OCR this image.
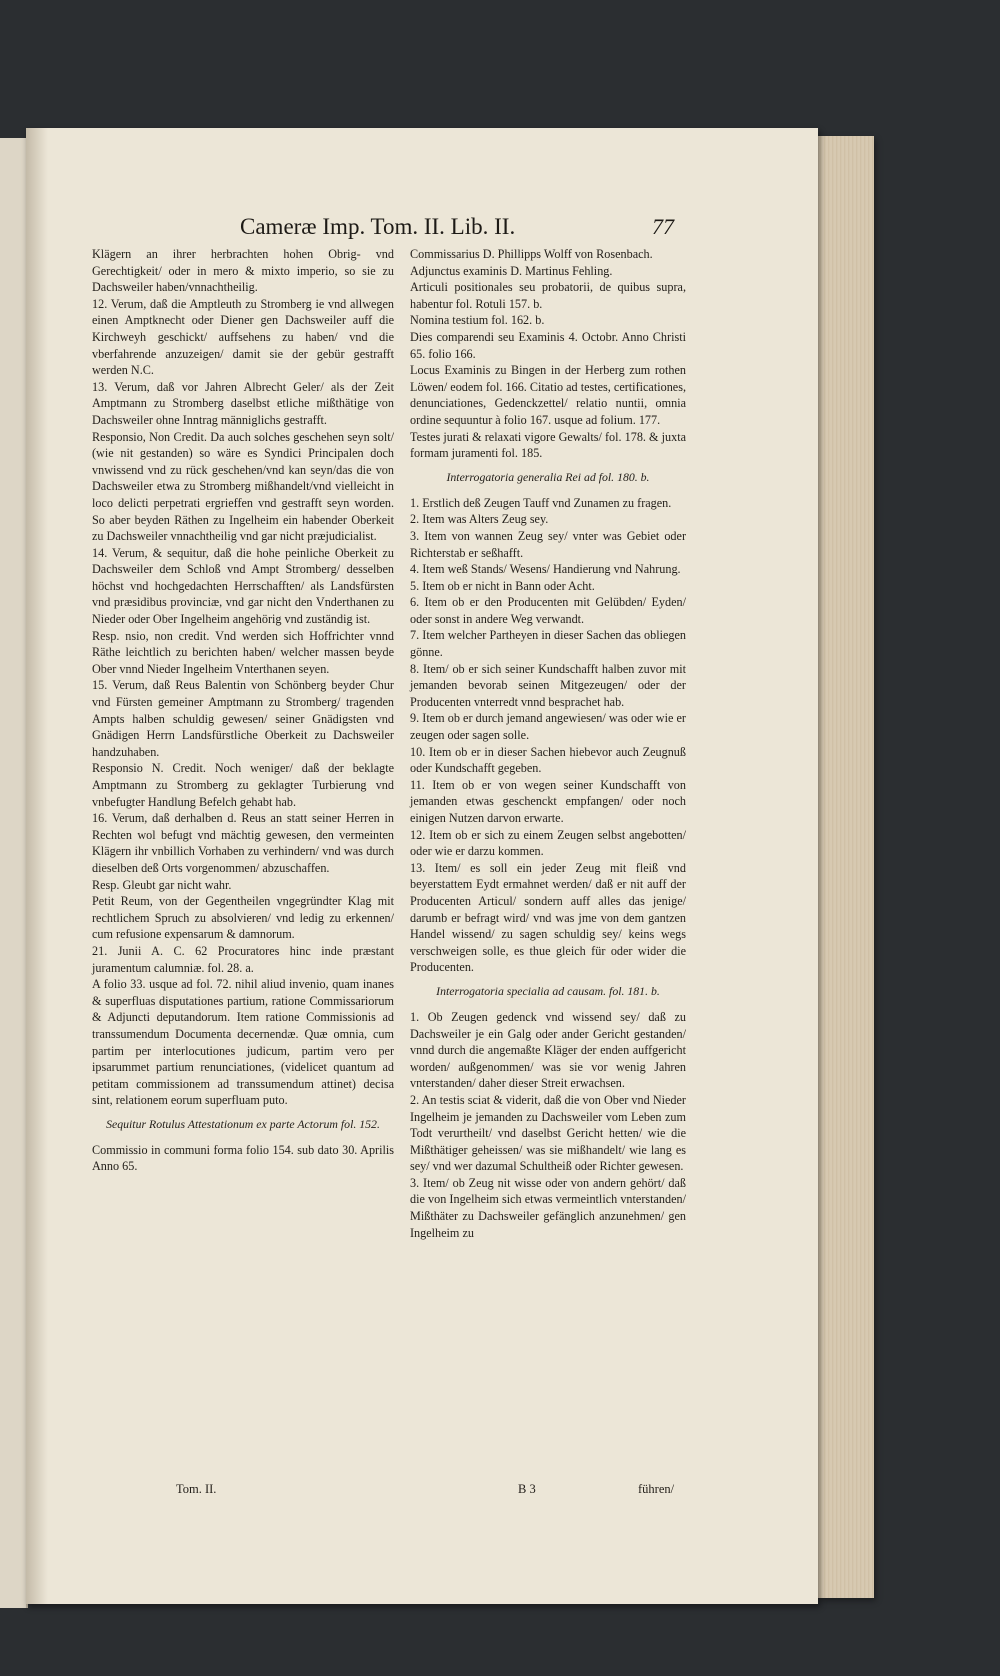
Cameræ Imp. Tom. II. Lib. II.	77

Klägern an ihrer herbrachten hohen Obrig- vnd Gerechtigkeit/ oder in mero & mixto imperio, so sie zu Dachsweiler haben/vnnachtheilig.

12. Verum, daß die Amptleuth zu Stromberg ie vnd allwegen einen Amptknecht oder Diener gen Dachsweiler auff die Kirchweyh geschickt/ auffsehens zu haben/ vnd die vberfahrende anzuzeigen/ damit sie der gebür gestrafft werden N.C.

13. Verum, daß vor Jahren Albrecht Geler/ als der Zeit Amptmann zu Stromberg daselbst etliche mißthätige von Dachsweiler ohne Inntrag männiglichs gestrafft.

Responsio, Non Credit. Da auch solches geschehen seyn solt/ (wie nit gestanden) so wäre es Syndici Principalen doch vnwissend vnd zu rück geschehen/vnd kan seyn/das die von Dachsweiler etwa zu Stromberg mißhandelt/vnd vielleicht in loco delicti perpetrati ergrieffen vnd gestrafft seyn worden. So aber beyden Räthen zu Ingelheim ein habender Oberkeit zu Dachsweiler vnnachtheilig vnd gar nicht præjudicialist.

14. Verum, & sequitur, daß die hohe peinliche Oberkeit zu Dachsweiler dem Schloß vnd Ampt Stromberg/ desselben höchst vnd hochgedachten Herrschafften/ als Landsfürsten vnd præsidibus provinciæ, vnd gar nicht den Vnderthanen zu Nieder oder Ober Ingelheim angehörig vnd zuständig ist.

Resp. nsio, non credit. Vnd werden sich Hoffrichter vnnd Räthe leichtlich zu berichten haben/ welcher massen beyde Ober vnnd Nieder Ingelheim Vnterthanen seyen.

15. Verum, daß Reus Balentin von Schönberg beyder Chur vnd Fürsten gemeiner Amptmann zu Stromberg/ tragenden Ampts halben schuldig gewesen/ seiner Gnädigsten vnd Gnädigen Herrn Landsfürstliche Oberkeit zu Dachsweiler handzuhaben.

Responsio N. Credit. Noch weniger/ daß der beklagte Amptmann zu Stromberg zu geklagter Turbierung vnd vnbefugter Handlung Befelch gehabt hab.

16. Verum, daß derhalben d. Reus an statt seiner Herren in Rechten wol befugt vnd mächtig gewesen, den vermeinten Klägern ihr vnbillich Vorhaben zu verhindern/ vnd was durch dieselben deß Orts vorgenommen/ abzuschaffen.

Resp. Gleubt gar nicht wahr.

Petit Reum, von der Gegentheilen vngegründter Klag mit rechtlichem Spruch zu absolvieren/ vnd ledig zu erkennen/ cum refusione expensarum & damnorum.

21. Junii A. C. 62 Procuratores hinc inde præstant juramentum calumniæ. fol. 28. a.

A folio 33. usque ad fol. 72. nihil aliud invenio, quam inanes & superfluas disputationes partium, ratione Commissariorum & Adjuncti deputandorum. Item ratione Commissionis ad transsumendum Documenta decernendæ. Quæ omnia, cum partim per interlocutiones judicum, partim vero per ipsarummet partium renunciationes, (videlicet quantum ad petitam commissionem ad transsumendum attinet) decisa sint, relationem eorum superfluam puto.

Sequitur Rotulus Attestationum ex parte Actorum fol. 152.

Commissio in communi forma folio 154. sub dato 30. Aprilis Anno 65.

Commissarius D. Phillipps Wolff von Rosenbach.

Adjunctus examinis D. Martinus Fehling.

Articuli positionales seu probatorii, de quibus supra, habentur fol. Rotuli 157. b.

Nomina testium fol. 162. b.

Dies comparendi seu Examinis 4. Octobr. Anno Christi 65. folio 166.

Locus Examinis zu Bingen in der Herberg zum rothen Löwen/ eodem fol. 166. Citatio ad testes, certificationes, denunciationes, Gedenckzettel/ relatio nuntii, omnia ordine sequuntur à folio 167. usque ad folium. 177.

Testes jurati & relaxati vigore Gewalts/ fol. 178. & juxta formam juramenti fol. 185.

Interrogatoria generalia Rei ad fol. 180. b.

1. Erstlich deß Zeugen Tauff vnd Zunamen zu fragen.

2. Item was Alters Zeug sey.

3. Item von wannen Zeug sey/ vnter was Gebiet oder Richterstab er seßhafft.

4. Item weß Stands/ Wesens/ Handierung vnd Nahrung.

5. Item ob er nicht in Bann oder Acht.

6. Item ob er den Producenten mit Gelübden/ Eyden/ oder sonst in andere Weg verwandt.

7. Item welcher Partheyen in dieser Sachen das obliegen gönne.

8. Item/ ob er sich seiner Kundschafft halben zuvor mit jemanden bevorab seinen Mitgezeugen/ oder der Producenten vnterredt vnnd besprachet hab.

9. Item ob er durch jemand angewiesen/ was oder wie er zeugen oder sagen solle.

10. Item ob er in dieser Sachen hiebevor auch Zeugnuß oder Kundschafft gegeben.

11. Item ob er von wegen seiner Kundschafft von jemanden etwas geschenckt empfangen/ oder noch einigen Nutzen darvon erwarte.

12. Item ob er sich zu einem Zeugen selbst angebotten/ oder wie er darzu kommen.

13. Item/ es soll ein jeder Zeug mit fleiß vnd beyerstattem Eydt ermahnet werden/ daß er nit auff der Producenten Articul/ sondern auff alles das jenige/ darumb er befragt wird/ vnd was jme von dem gantzen Handel wissend/ zu sagen schuldig sey/ keins wegs verschweigen solle, es thue gleich für oder wider die Producenten.

Interrogatoria specialia ad causam. fol. 181. b.

1. Ob Zeugen gedenck vnd wissend sey/ daß zu Dachsweiler je ein Galg oder ander Gericht gestanden/ vnnd durch die angemaßte Kläger der enden auffgericht worden/ außgenommen/ was sie vor wenig Jahren vnterstanden/ daher dieser Streit erwachsen.

2. An testis sciat & viderit, daß die von Ober vnd Nieder Ingelheim je jemanden zu Dachsweiler vom Leben zum Todt verurtheilt/ vnd daselbst Gericht hetten/ wie die Mißthätiger geheissen/ was sie mißhandelt/ wie lang es sey/ vnd wer dazumal Schultheiß oder Richter gewesen.

3. Item/ ob Zeug nit wisse oder von andern gehört/ daß die von Ingelheim sich etwas vermeintlich vnterstanden/ Mißthäter zu Dachsweiler gefänglich anzunehmen/ gen Ingelheim zu

Tom. II.	B 3	führen/
